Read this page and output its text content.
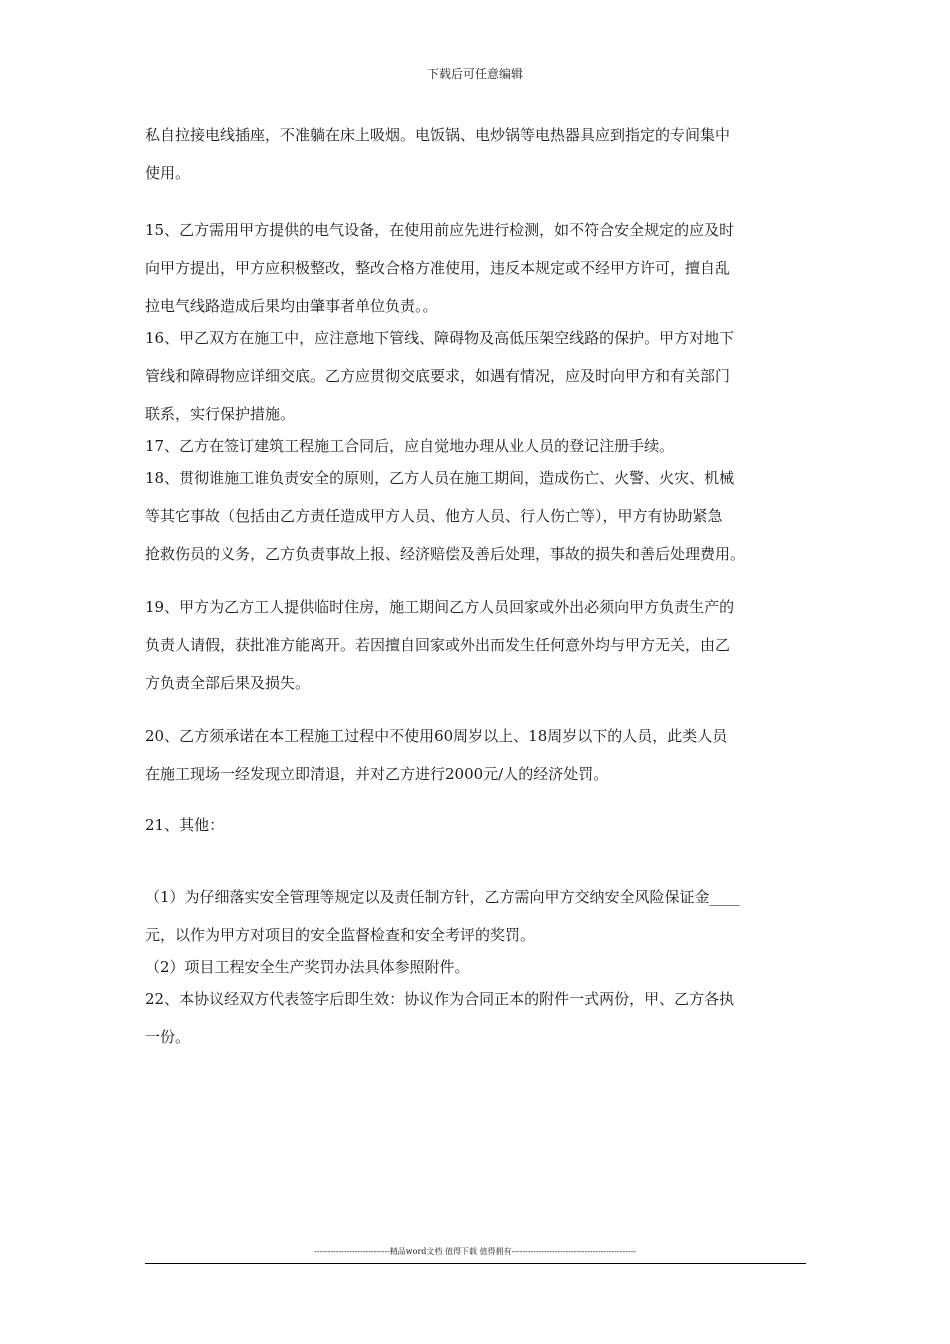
下载后可任意编辑

私自拉接电线插座，不准躺在床上吸烟。电饭锅、电炒锅等电热器具应到指定的专间集中

使用。

15、乙方需用甲方提供的电气设备，在使用前应先进行检测，如不符合安全规定的应及时

向甲方提出，甲方应积极整改，整改合格方准使用，违反本规定或不经甲方许可，擅自乱

拉电气线路造成后果均由肇事者单位负责。。

16、甲乙双方在施工中，应注意地下管线、障碍物及高低压架空线路的保护。甲方对地下

管线和障碍物应详细交底。乙方应贯彻交底要求，如遇有情况，应及时向甲方和有关部门

联系，实行保护措施。

17、乙方在签订建筑工程施工合同后，应自觉地办理从业人员的登记注册手续。

18、贯彻谁施工谁负责安全的原则，乙方人员在施工期间，造成伤亡、火警、火灾、机械

等其它事故（包括由乙方责任造成甲方人员、他方人员、行人伤亡等），甲方有协助紧急

抢救伤员的义务，乙方负责事故上报、经济赔偿及善后处理，事故的损失和善后处理费用。

19、甲方为乙方工人提供临时住房，施工期间乙方人员回家或外出必须向甲方负责生产的

负责人请假，获批准方能离开。若因擅自回家或外出而发生任何意外均与甲方无关，由乙

方负责全部后果及损失。

20、乙方须承诺在本工程施工过程中不使用60周岁以上、18周岁以下的人员，此类人员

在施工现场一经发现立即清退，并对乙方进行2000元/人的经济处罚。

21、其他：

（1）为仔细落实安全管理等规定以及责任制方针，乙方需向甲方交纳安全风险保证金____

元，以作为甲方对项目的安全监督检查和安全考评的奖罚。

（2）项目工程安全生产奖罚办法具体参照附件。

22、本协议经双方代表签字后即生效：协议作为合同正本的附件一式两份，甲、乙方各执

一份。

----------------------------精品word文档 值得下载 值得拥有----------------------------------------------
